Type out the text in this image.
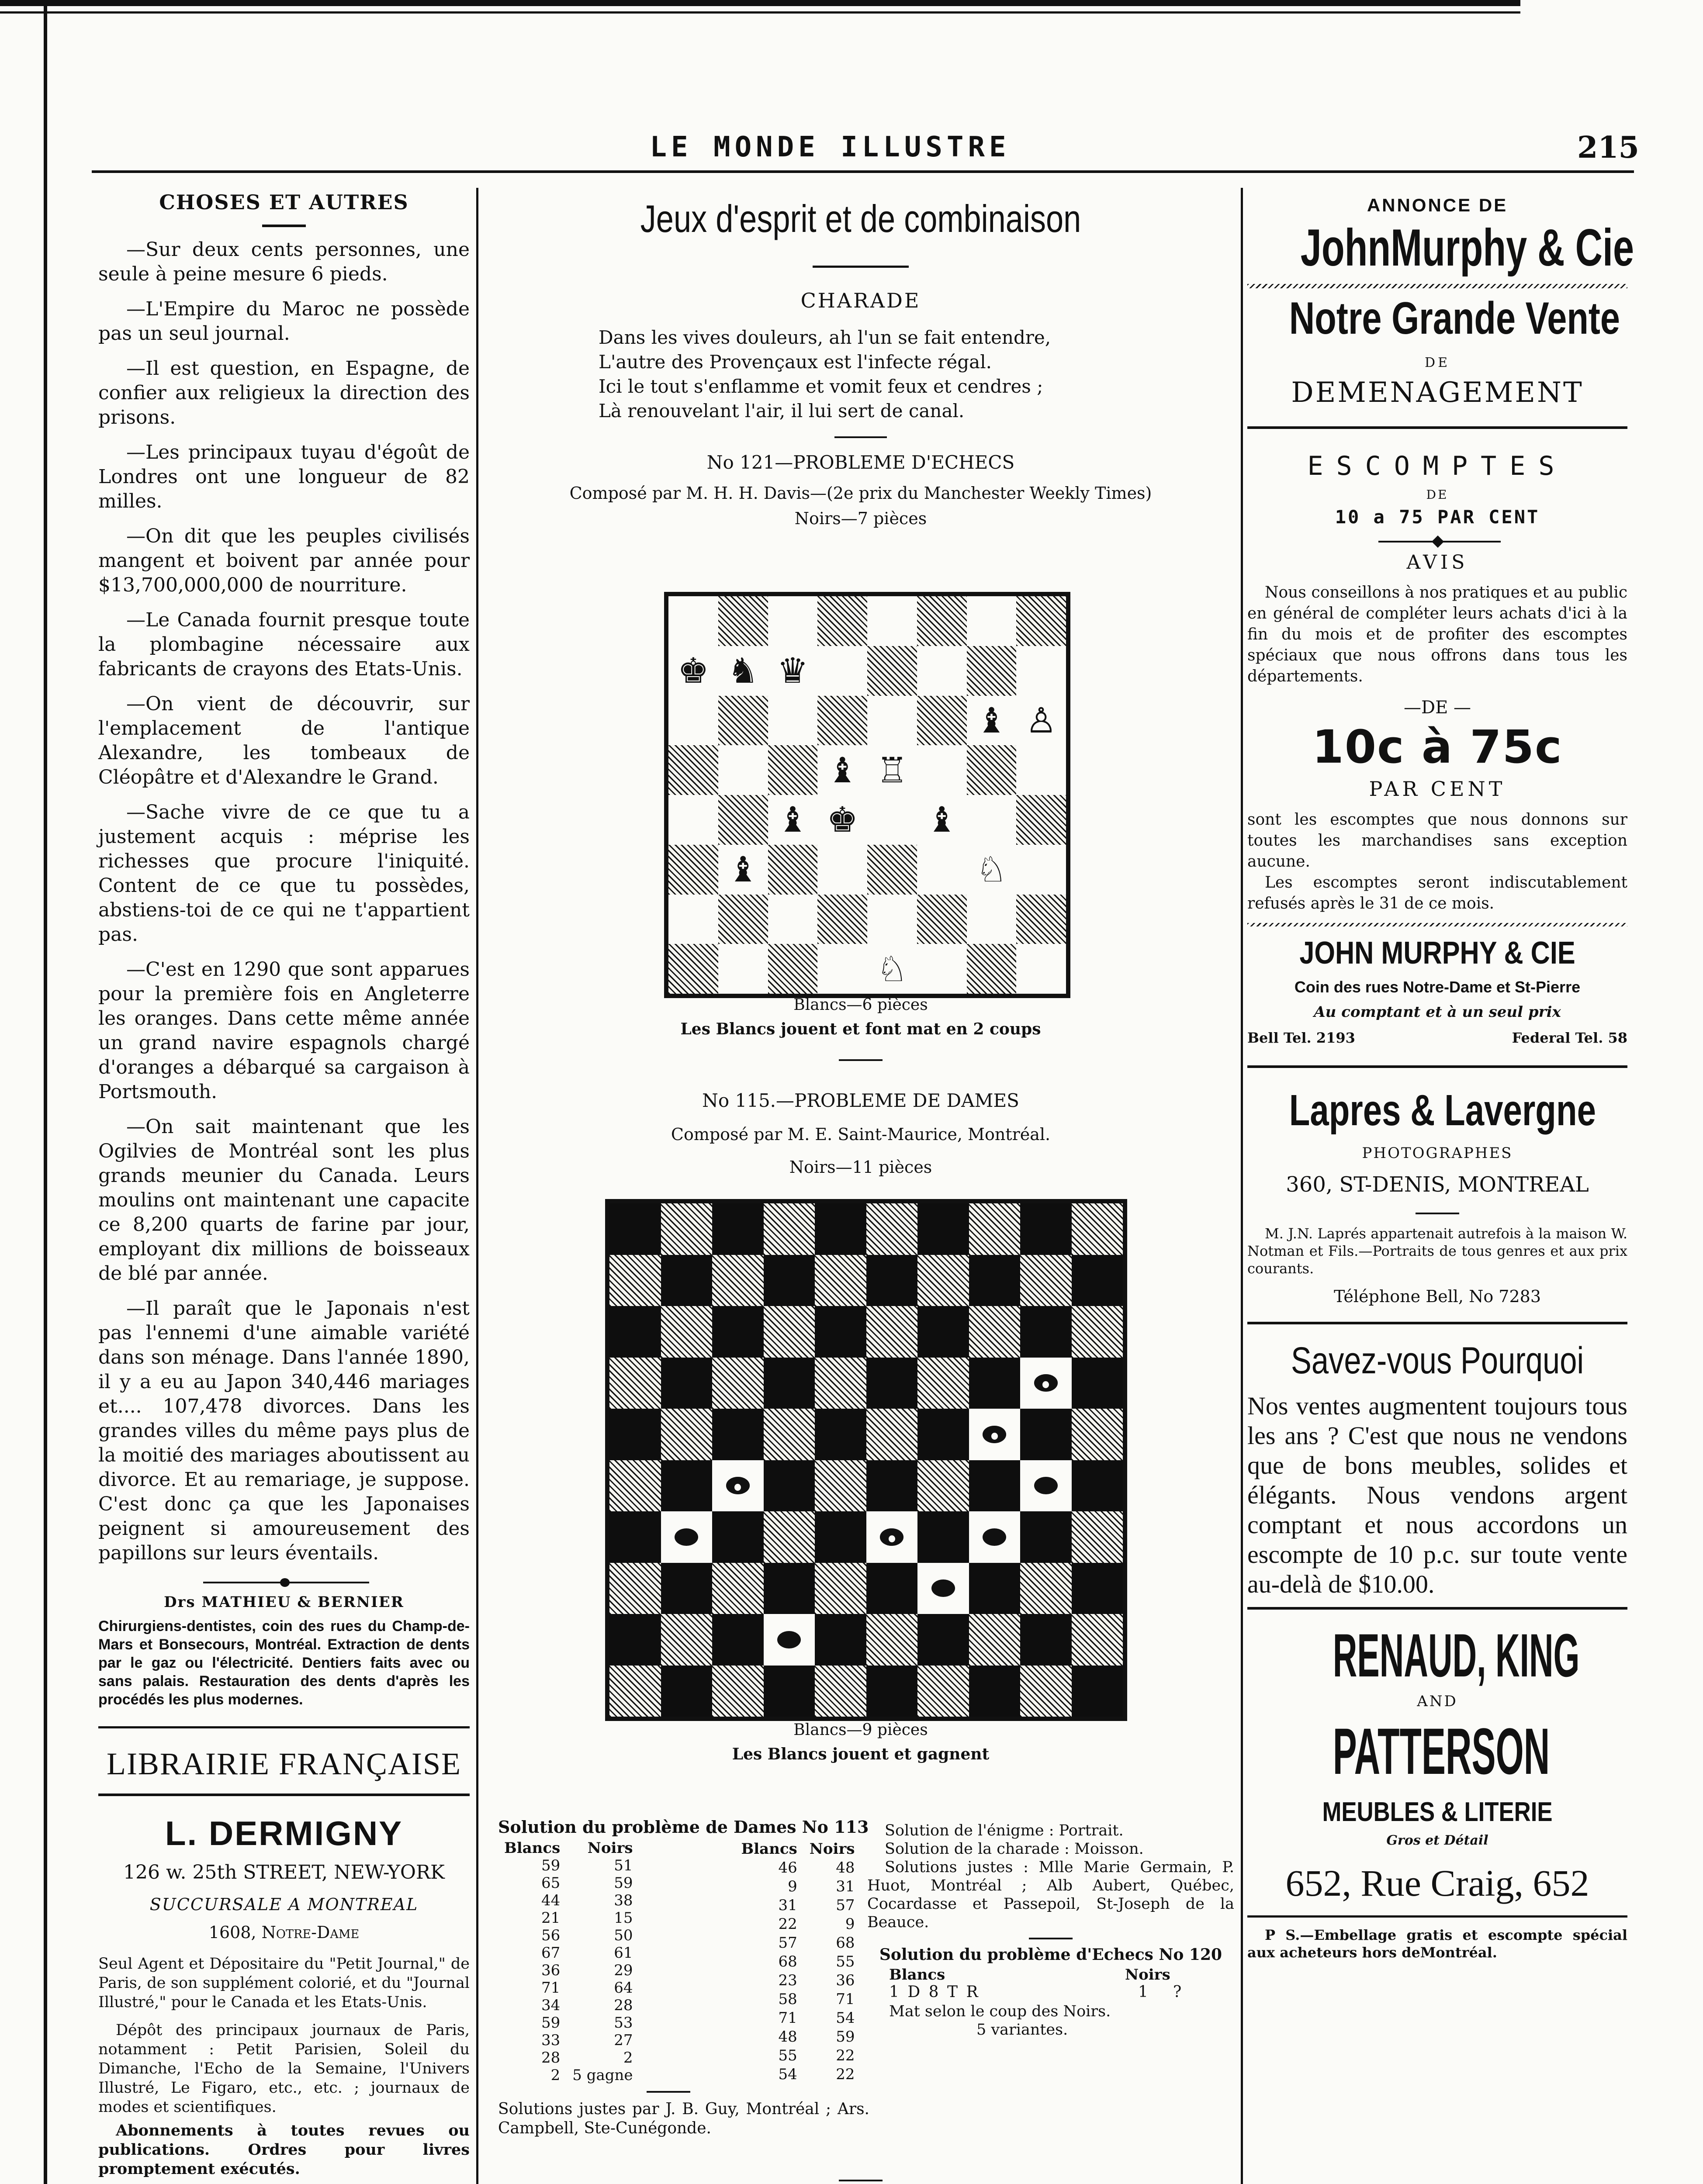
LE MONDE ILLUSTRE	215
CHOSES ET AUTRES

—Sur deux cents personnes, une seule à peine mesure 6 pieds.

—L'Empire du Maroc ne possède pas un seul journal.

—Il est question, en Espagne, de confier aux religieux la direction des prisons.

—Les principaux tuyau d'égoût de Londres ont une longueur de 82 milles.

—On dit que les peuples civilisés mangent et boivent par année pour $13,700,000,000 de nourriture.

—Le Canada fournit presque toute la plombagine nécessaire aux fabricants de crayons des Etats-Unis.

—On vient de découvrir, sur l'emplacement de l'antique Alexandre, les tombeaux de Cléopâtre et d'Alexandre le Grand.

—Sache vivre de ce que tu a justement acquis : méprise les richesses que procure l'iniquité. Content de ce que tu possèdes, abstiens-toi de ce qui ne t'appartient pas.

—C'est en 1290 que sont apparues pour la première fois en Angleterre les oranges. Dans cette même année un grand navire espagnols chargé d'oranges a débarqué sa cargaison à Portsmouth.

—On sait maintenant que les Ogilvies de Montréal sont les plus grands meunier du Canada. Leurs moulins ont maintenant une capacite ce 8,200 quarts de farine par jour, employant dix millions de boisseaux de blé par année.

—Il paraît que le Japonais n'est pas l'ennemi d'une aimable variété dans son ménage. Dans l'année 1890, il y a eu au Japon 340,446 mariages et.... 107,478 divorces. Dans les grandes villes du même pays plus de la moitié des mariages aboutissent au divorce. Et au remariage, je suppose. C'est donc ça que les Japonaises peignent si amoureusement des papillons sur leurs éventails.

Drs MATHIEU & BERNIER

Chirurgiens-dentistes, coin des rues du Champ-de-Mars et Bonsecours, Montréal. Extraction de dents par le gaz ou l'électricité. Dentiers faits avec ou sans palais. Restauration des dents d'après les procédés les plus modernes.

LIBRAIRIE FRANÇAISE
L. DERMIGNY
126 w. 25th STREET, NEW-YORK
SUCCURSALE A MONTREAL
1608, Notre-Dame

Seul Agent et Dépositaire du "Petit Journal," de Paris, de son supplément colorié, et du "Journal Illustré," pour le Canada et les Etats-Unis.

Dépôt des principaux journaux de Paris, notamment : Petit Parisien, Soleil du Dimanche, l'Echo de la Semaine, l'Univers Illustré, Le Figaro, etc., etc. ; journaux de modes et scientifiques.

Abonnements à toutes revues ou publications. Ordres pour livres promptement exécutés.

Jeux d'esprit et de combinaison
CHARADE
Dans les vives douleurs, ah l'un se fait entendre,
L'autre des Provençaux est l'infecte régal.
Ici le tout s'enflamme et vomit feux et cendres ;
Là renouvelant l'air, il lui sert de canal.
No 121—PROBLEME D'ECHECS
Composé par M. H. H. Davis—(2e prix du Manchester Weekly Times)
Noirs—7 pièces
♚ ♞ ♛
♝ ♙
♝ ♖
♝ ♚ ♝
♝	♘
♘
Blancs—6 pièces
Les Blancs jouent et font mat en 2 coups
No 115.—PROBLEME DE DAMES
Composé par M. E. Saint-Maurice, Montréal.
Noirs—11 pièces
Blancs—9 pièces
Les Blancs jouent et gagnent
Solution du problème de Dames No 113
Blancs	Noirs
59	51
65	59
44	38
21	15
56	50
67	61
36	29
71	64
34	28
59	53
33	27
28	2
2	5 gagne
Blancs	Noirs
46	48
9	31
31	57
22	9
57	68
68	55
23	36
58	71
71	54
48	59
55	22
54	22

Solutions justes par J. B. Guy, Montréal ; Ars. Campbell, Ste-Cunégonde.

Solution de l'énigme : Portrait.

Solution de la charade : Moisson.

Solutions justes : Mlle Marie Germain, P. Huot, Montréal ; Alb Aubert, Québec, Cocardasse et Passepoil, St-Joseph de la Beauce.

Solution du problème d'Echecs No 120
Blancs	Noirs
1 D 8 T R	1 ?

Mat selon le coup des Noirs.

5 variantes.

ANNONCE DE
JohnMurphy & Cie
Notre Grande Vente
DE
DEMENAGEMENT
ESCOMPTES
DE
10 a 75 PAR CENT
AVIS

Nous conseillons à nos pratiques et au public en général de compléter leurs achats d'ici à la fin du mois et de profiter des escomptes spéciaux que nous offrons dans tous les départements.

—DE —
10c à 75c
PAR CENT

sont les escomptes que nous donnons sur toutes les marchandises sans exception aucune.

Les escomptes seront indiscutablement refusés après le 31 de ce mois.

JOHN MURPHY & CIE
Coin des rues Notre-Dame et St-Pierre
Au comptant et à un seul prix
Bell Tel. 2193	Federal Tel. 58
Lapres & Lavergne
PHOTOGRAPHES
360, ST-DENIS, MONTREAL

M. J.N. Laprés appartenait autrefois à la maison W. Notman et Fils.—Portraits de tous genres et aux prix courants.

Téléphone Bell, No 7283
Savez-vous Pourquoi

Nos ventes augmentent toujours tous les ans ? C'est que nous ne vendons que de bons meubles, solides et élégants. Nous vendons argent comptant et nous accordons un escompte de 10 p.c. sur toute vente au-delà de $10.00.

RENAUD, KING
AND
PATTERSON
MEUBLES & LITERIE
Gros et Détail
652, Rue Craig, 652

P S.—Embellage gratis et escompte spécial aux acheteurs hors deMontréal.
